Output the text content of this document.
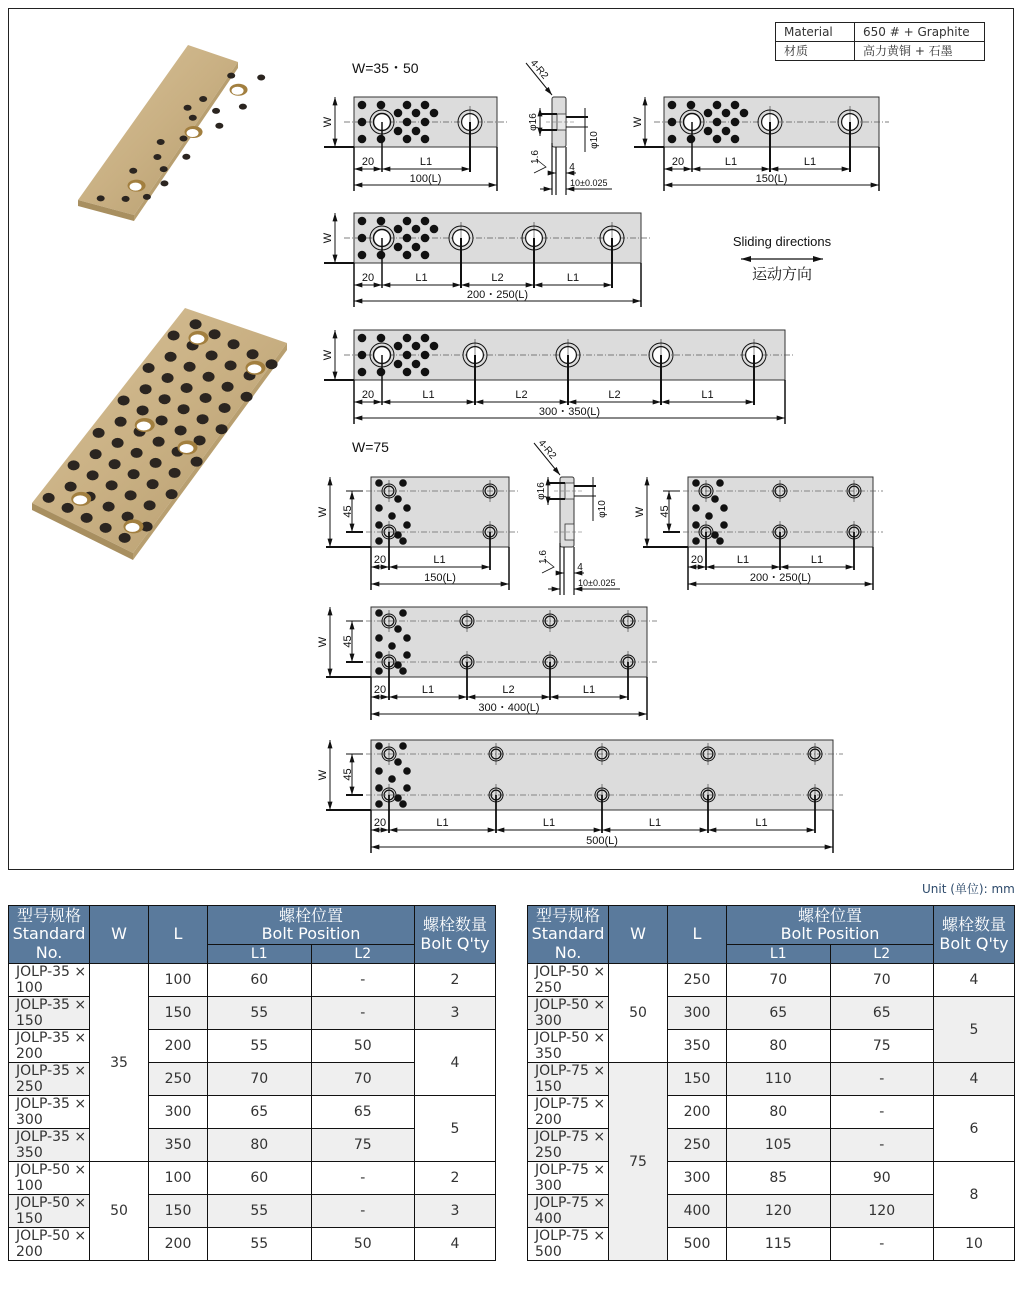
Material	650 # + Graphite
材质	高力黄铜 + 石墨
W=35・50
W=75
Sliding directions
运动方向
W
20	L1
100(L)
W
20	L1	L1
150(L)
W
20	L1	L2	L1
200・250(L)
W
20	L1	L2	L2	L1
300・350(L)
W 45
20	L1
150(L)
W 45
20	L1	L1
200・250(L)
W 45
20	L1	L2	L1
300・400(L)
W 45
20	L1	L1	L1	L1
500(L)
4-R2
φ16
φ10
1.6
4
10±0.025
4-R2
φ16
φ10
1.6
4
10±0.025
Unit (单位): mm
型号规格
Standard No.	W	L	螺栓位置
Bolt Position		螺栓数量
Bolt Q'ty
			L1	L2	
JOLP-35 × 100	35	100	60	-	2
JOLP-35 × 150		150	55	-	3
JOLP-35 × 200		200	55	50	4
JOLP-35 × 250		250	70	70	
JOLP-35 × 300		300	65	65	5
JOLP-35 × 350		350	80	75	
JOLP-50 × 100	50	100	60	-	2
JOLP-50 × 150		150	55	-	3
JOLP-50 × 200		200	55	50	4
型号规格
Standard No.	W	L	螺栓位置
Bolt Position		螺栓数量
Bolt Q'ty
			L1	L2	
JOLP-50 × 250	50	250	70	70	4
JOLP-50 × 300		300	65	65	5
JOLP-50 × 350		350	80	75	
JOLP-75 × 150	75	150	110	-	4
JOLP-75 × 200		200	80	-	6
JOLP-75 × 250		250	105	-	
JOLP-75 × 300		300	85	90	8
JOLP-75 × 400		400	120	120	
JOLP-75 × 500		500	115	-	10
